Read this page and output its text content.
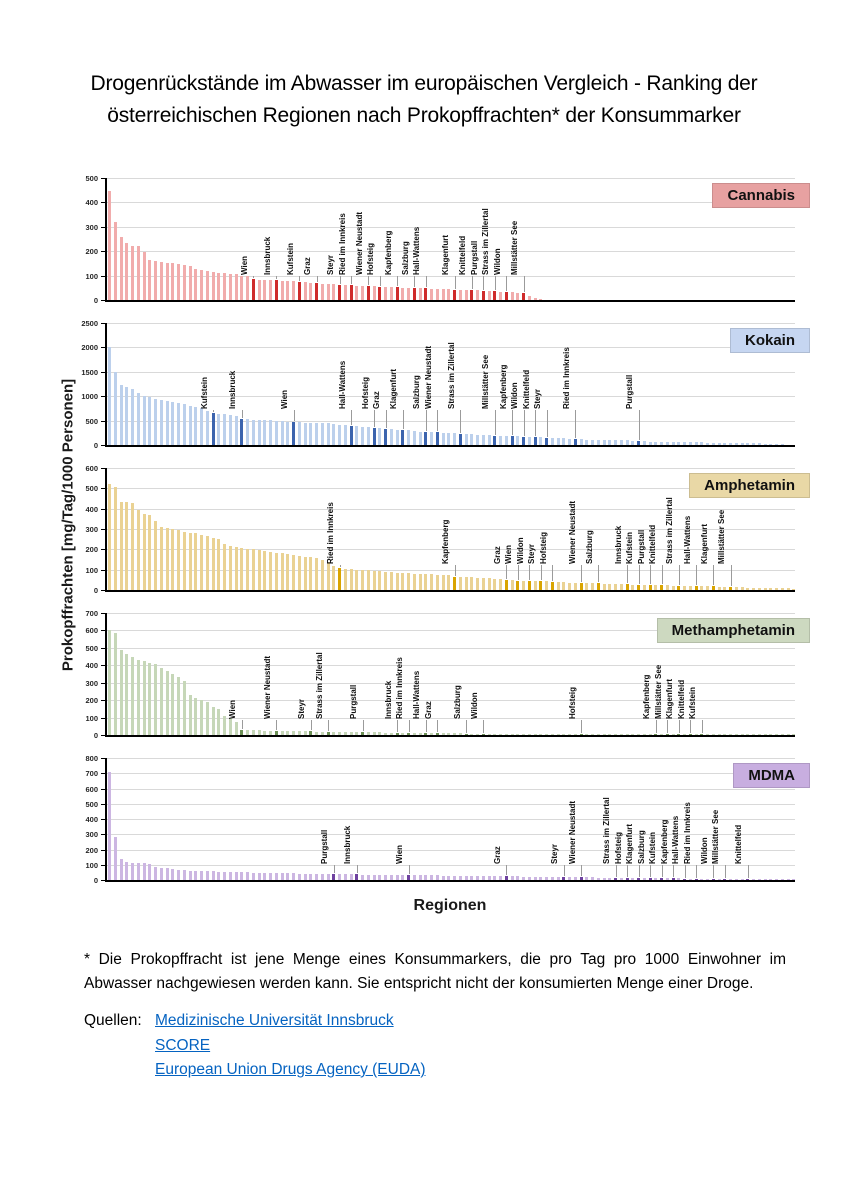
Drogenrückstände im Abwasser im europäischen Vergleich - Ranking der österreichischen Regionen nach Prokopffrachten* der Konsummarker
Prokopffrachten [mg/Tag/1000 Personen]
0
100
200
300
400
500
Wien Innsbruck Kufstein Graz Steyr Ried im Innkreis Wiener Neustadt Hofsteig Kapfenberg Salzburg Hall-Wattens Klagenfurt Knittelfeld Purgstall Strass im Zillertal Wildon Millstätter See
Cannabis
0
500
1000
1500
2000
2500
Kufstein Innsbruck	Wien	Hall-Wattens Hofsteig Graz Klagenfurt Salzburg Wiener Neustadt Strass im Zillertal	Millstätter See Kapfenberg Wildon Knittelfeld Steyr Ried im Innkreis	Purgstall
Kokain
0
100
200
300
400
500
600
Ried im Innkreis	Kapfenberg	Graz Wien Wildon Steyr Hofsteig Wiener Neustadt Salzburg Innsbruck Kufstein Purgstall Knittelfeld Strass im Zillertal Hall-Wattens Klagenfurt Millstätter See
Amphetamin
0
100
200
300
400
500
600
700
Wien	Wiener Neustadt	Steyr Strass im Zillertal	Purgstall	Innsbruck Ried im Innkreis Hall-Wattens Graz Salzburg Wildon	Hofsteig	Kapfenberg Millstätter See Klagenfurt Knittelfeld Kufstein
Methamphetamin
0
100
200
300
400
500
600
700
800
Purgstall Innsbruck	Wien	Graz	Steyr Wiener Neustadt	Strass im Zillertal Hofsteig Klagenfurt Salzburg Kufstein Kapfenberg Hall-Wattens Ried im Innkreis Wildon Millstätter See Knittelfeld
MDMA
Regionen
* Die Prokopffracht ist jene Menge eines Konsummarkers, die pro Tag pro 1000 Einwohner im Abwasser nachgewiesen werden kann. Sie entspricht nicht der konsumierten Menge einer Droge.
Quellen: Medizinische Universität Innsbruck
SCORE
European Union Drugs Agency (EUDA)
